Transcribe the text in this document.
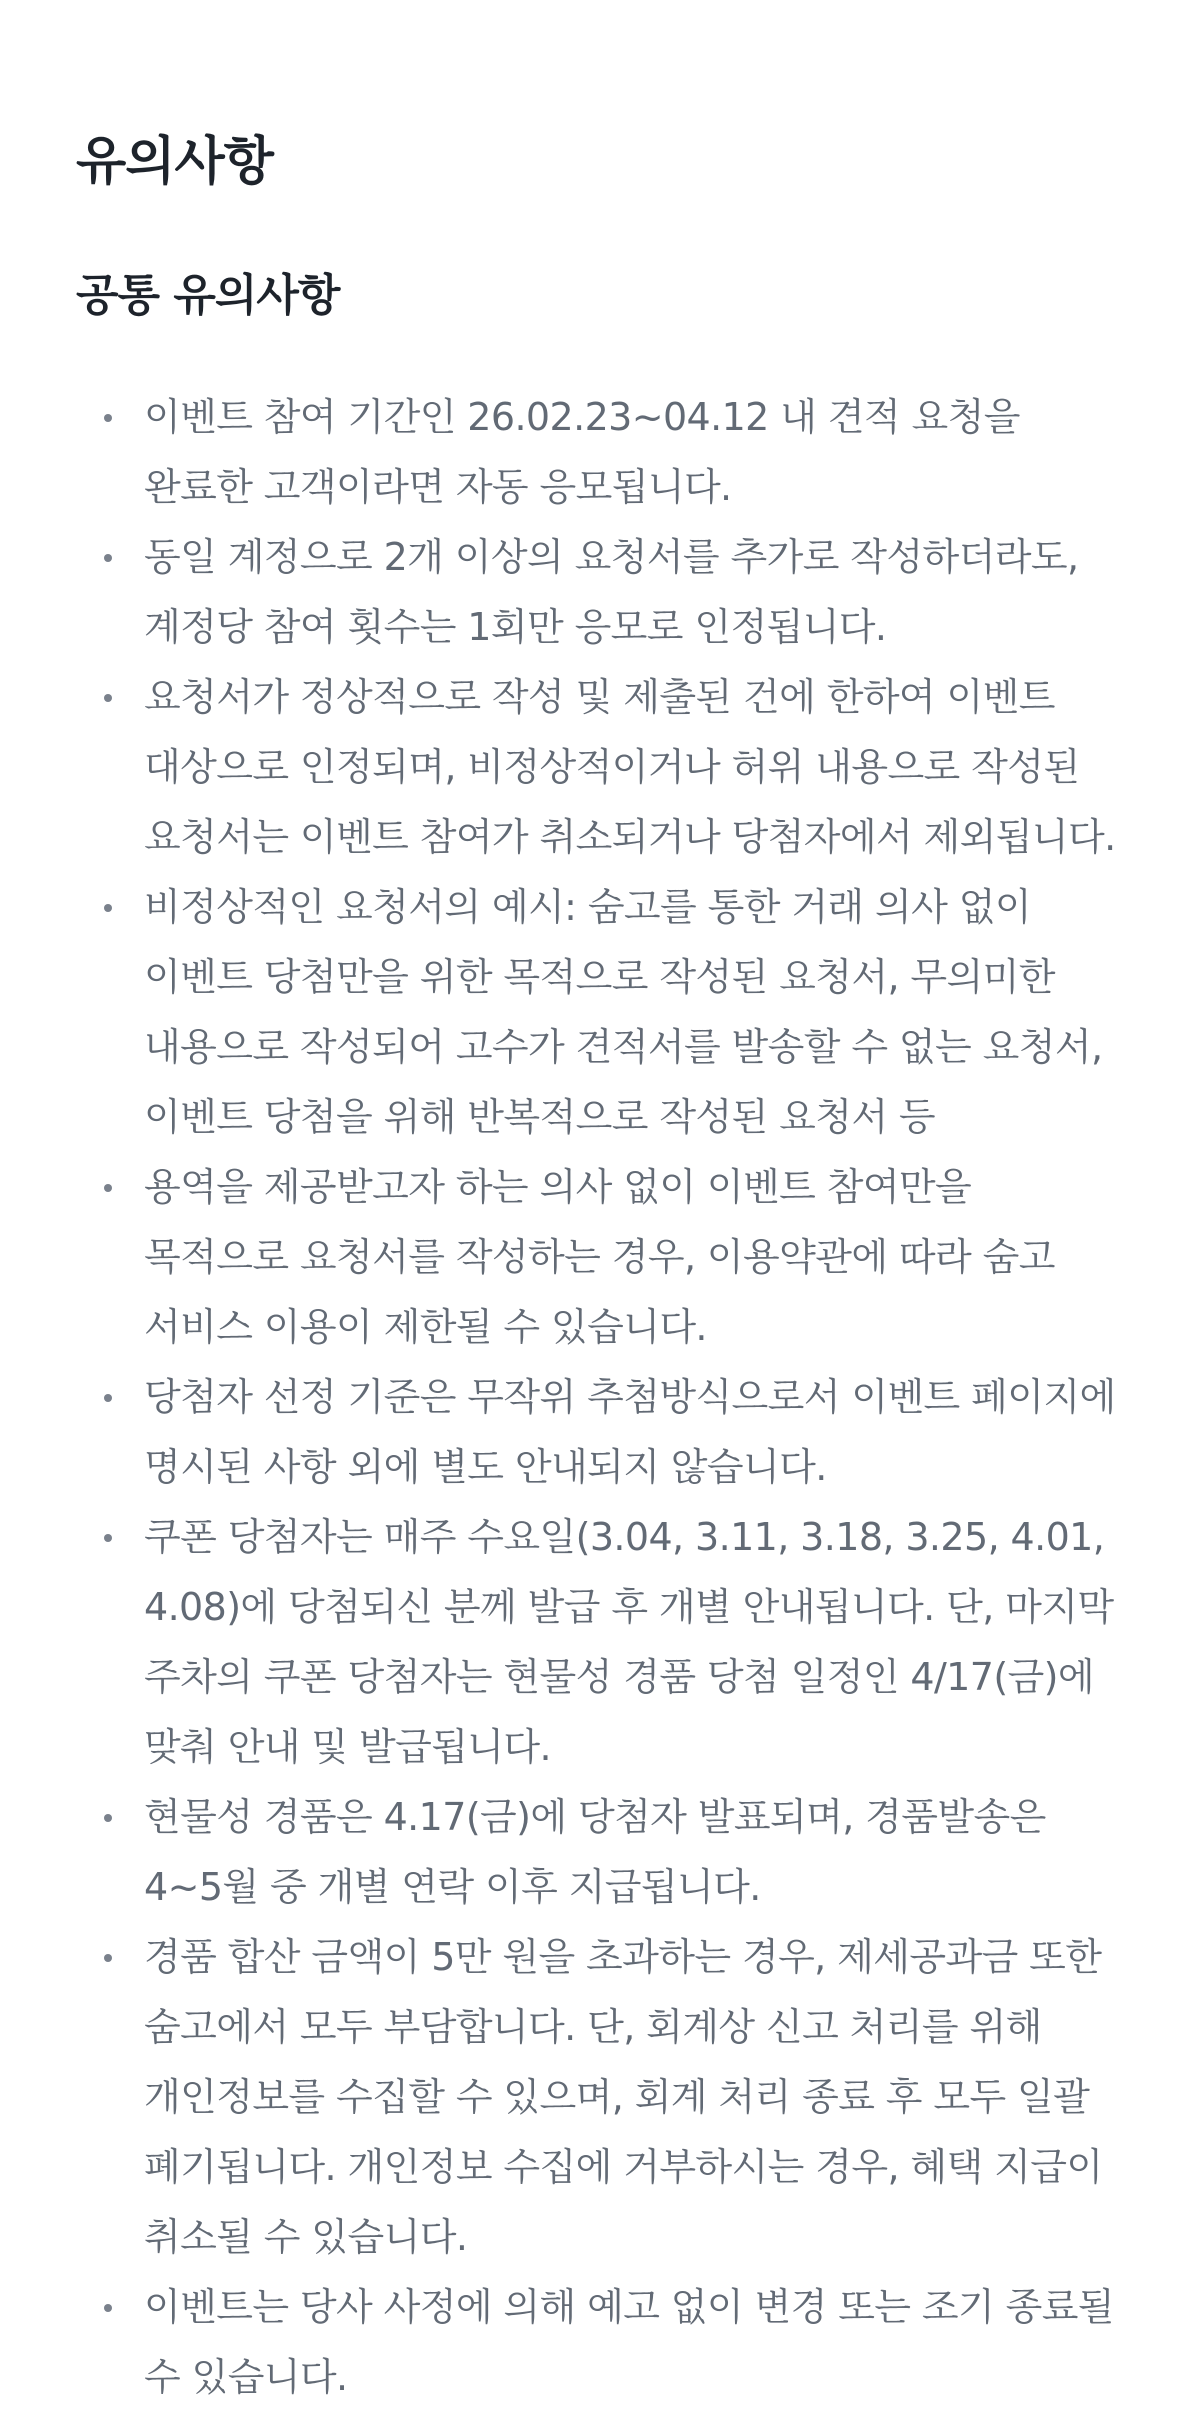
유의사항
공통 유의사항
이벤트 참여 기간인 26.02.23~04.12 내 견적 요청을 완료한 고객이라면 자동 응모됩니다.
동일 계정으로 2개 이상의 요청서를 추가로 작성하더라도, 계정당 참여 횟수는 1회만 응모로 인정됩니다.
요청서가 정상적으로 작성 및 제출된 건에 한하여 이벤트 대상으로 인정되며, 비정상적이거나 허위 내용으로 작성된 요청서는 이벤트 참여가 취소되거나 당첨자에서 제외됩니다.
비정상적인 요청서의 예시: 숨고를 통한 거래 의사 없이 이벤트 당첨만을 위한 목적으로 작성된 요청서, 무의미한 내용으로 작성되어 고수가 견적서를 발송할 수 없는 요청서, 이벤트 당첨을 위해 반복적으로 작성된 요청서 등
용역을 제공받고자 하는 의사 없이 이벤트 참여만을 목적으로 요청서를 작성하는 경우, 이용약관에 따라 숨고 서비스 이용이 제한될 수 있습니다.
당첨자 선정 기준은 무작위 추첨방식으로서 이벤트 페이지에 명시된 사항 외에 별도 안내되지 않습니다.
쿠폰 당첨자는 매주 수요일(3.04, 3.11, 3.18, 3.25, 4.01, 4.08)에 당첨되신 분께 발급 후 개별 안내됩니다. 단, 마지막 주차의 쿠폰 당첨자는 현물성 경품 당첨 일정인 4/17(금)에 맞춰 안내 및 발급됩니다.
현물성 경품은 4.17(금)에 당첨자 발표되며, 경품발송은 4~5월 중 개별 연락 이후 지급됩니다.
경품 합산 금액이 5만 원을 초과하는 경우, 제세공과금 또한 숨고에서 모두 부담합니다. 단, 회계상 신고 처리를 위해 개인정보를 수집할 수 있으며, 회계 처리 종료 후 모두 일괄 폐기됩니다. 개인정보 수집에 거부하시는 경우, 혜택 지급이 취소될 수 있습니다.
이벤트는 당사 사정에 의해 예고 없이 변경 또는 조기 종료될 수 있습니다.
